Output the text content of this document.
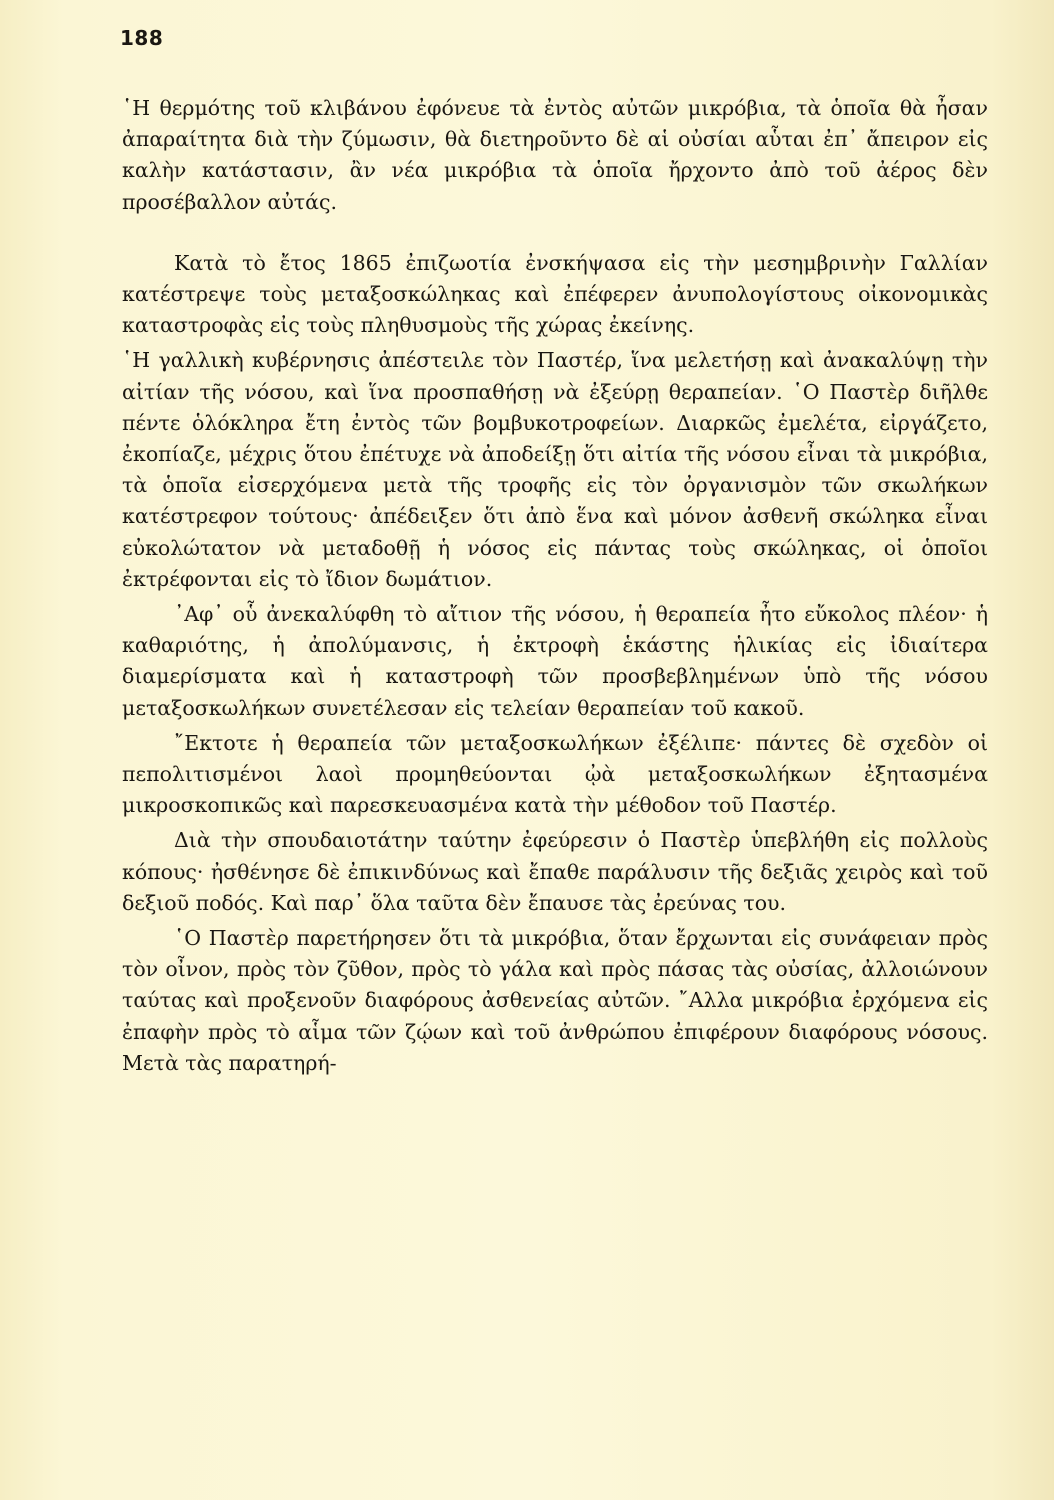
188

῾Η θερμότης τοῦ κλιβάνου ἐφόνευε τὰ ἐντὸς αὐτῶν μικρόβια, τὰ ὁποῖα θὰ ἦσαν ἀπαραίτητα διὰ τὴν ζύμωσιν, θὰ διετηροῦντο δὲ αἱ οὐσίαι αὗται ἐπ᾿ ἄπειρον εἰς καλὴν κατάστασιν, ἂν νέα μικρόβια τὰ ὁποῖα ἤρχοντο ἀπὸ τοῦ ἀέρος δὲν προσέβαλλον αὐτάς.

Κατὰ τὸ ἔτος 1865 ἐπιζωοτία ἐνσκήψασα εἰς τὴν μεσημβρινὴν Γαλλίαν κατέστρεψε τοὺς μεταξοσκώληκας καὶ ἐπέφερεν ἀνυπολογίστους οἰκονομικὰς καταστροφὰς εἰς τοὺς πληθυσμοὺς τῆς χώρας ἐκείνης.

῾Η γαλλικὴ κυβέρνησις ἀπέστειλε τὸν Παστέρ, ἵνα μελετήσῃ καὶ ἀνακαλύψῃ τὴν αἰτίαν τῆς νόσου, καὶ ἵνα προσπαθήσῃ νὰ ἐξεύρῃ θεραπείαν. ῾Ο Παστὲρ διῆλθε πέντε ὁλόκληρα ἔτη ἐντὸς τῶν βομβυκοτροφείων. Διαρκῶς ἐμελέτα, εἰργάζετο, ἐκοπίαζε, μέχρις ὅτου ἐπέτυχε νὰ ἀποδείξῃ ὅτι αἰτία τῆς νόσου εἶναι τὰ μικρόβια, τὰ ὁποῖα εἰσερχόμενα μετὰ τῆς τροφῆς εἰς τὸν ὀργανισμὸν τῶν σκωλήκων κατέστρεφον τούτους· ἀπέδειξεν ὅτι ἀπὸ ἕνα καὶ μόνον ἀσθενῆ σκώληκα εἶναι εὐκολώτατον νὰ μεταδοθῇ ἡ νόσος εἰς πάντας τοὺς σκώληκας, οἱ ὁποῖοι ἐκτρέφονται εἰς τὸ ἴδιον δωμάτιον.

᾿Αφ᾿ οὗ ἀνεκαλύφθη τὸ αἴτιον τῆς νόσου, ἡ θεραπεία ἦτο εὔκολος πλέον· ἡ καθαριότης, ἡ ἀπολύμανσις, ἡ ἐκτροφὴ ἑκάστης ἡλικίας εἰς ἰδιαίτερα διαμερίσματα καὶ ἡ καταστροφὴ τῶν προσβεβλημένων ὑπὸ τῆς νόσου μεταξοσκωλήκων συνετέλεσαν εἰς τελείαν θεραπείαν τοῦ κακοῦ.

῎Εκτοτε ἡ θεραπεία τῶν μεταξοσκωλήκων ἐξέλιπε· πάντες δὲ σχεδὸν οἱ πεπολιτισμένοι λαοὶ προμηθεύονται ᾠὰ μεταξοσκωλήκων ἐξητασμένα μικροσκοπικῶς καὶ παρεσκευασμένα κατὰ τὴν μέθοδον τοῦ Παστέρ.

Διὰ τὴν σπουδαιοτάτην ταύτην ἐφεύρεσιν ὁ Παστὲρ ὑπεβλήθη εἰς πολλοὺς κόπους· ἠσθένησε δὲ ἐπικινδύνως καὶ ἔπαθε παράλυσιν τῆς δεξιᾶς χειρὸς καὶ τοῦ δεξιοῦ ποδός. Καὶ παρ᾿ ὅλα ταῦτα δὲν ἔπαυσε τὰς ἐρεύνας του.

῾Ο Παστὲρ παρετήρησεν ὅτι τὰ μικρόβια, ὅταν ἔρχωνται εἰς συνάφειαν πρὸς τὸν οἶνον, πρὸς τὸν ζῦθον, πρὸς τὸ γάλα καὶ πρὸς πάσας τὰς οὐσίας, ἀλλοιώνουν ταύτας καὶ προξενοῦν διαφόρους ἀσθενείας αὐτῶν. ῎Αλλα μικρόβια ἐρχόμενα εἰς ἐπαφὴν πρὸς τὸ αἷμα τῶν ζῴων καὶ τοῦ ἀνθρώπου ἐπιφέρουν διαφόρους νόσους. Μετὰ τὰς παρατηρή-
